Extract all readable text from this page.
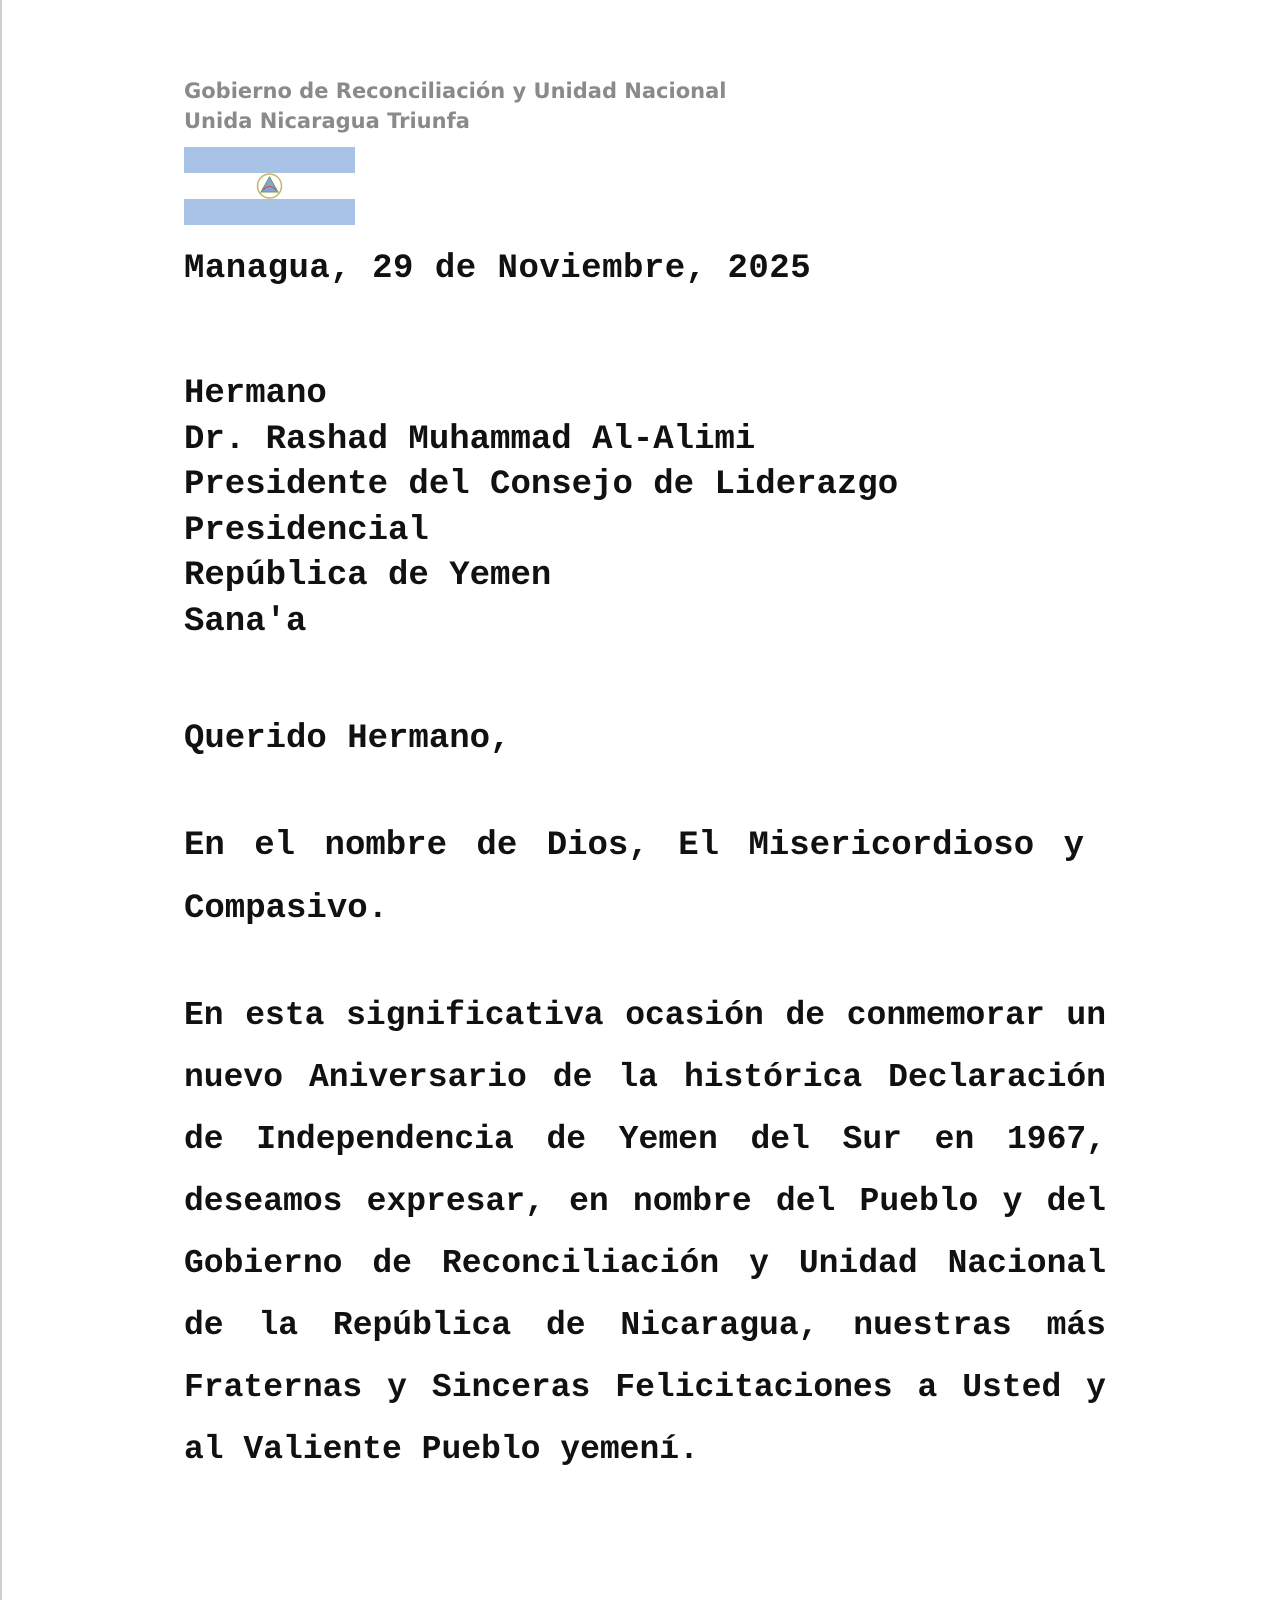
Gobierno de Reconciliación y Unidad Nacional
Unida Nicaragua Triunfa
Managua, 29 de Noviembre, 2025
Hermano
Dr. Rashad Muhammad Al-Alimi
Presidente del Consejo de Liderazgo
Presidencial
República de Yemen
Sana'a
Querido Hermano,
En el nombre de Dios, El Misericordioso y Compasivo.
En esta significativa ocasión de conmemorar un nuevo Aniversario de la histórica Declaración de Independencia de Yemen del Sur en 1967, deseamos expresar, en nombre del Pueblo y del Gobierno de Reconciliación y Unidad Nacional de la República de Nicaragua, nuestras más Fraternas y Sinceras Felicitaciones a Usted y al Valiente Pueblo yemení.
